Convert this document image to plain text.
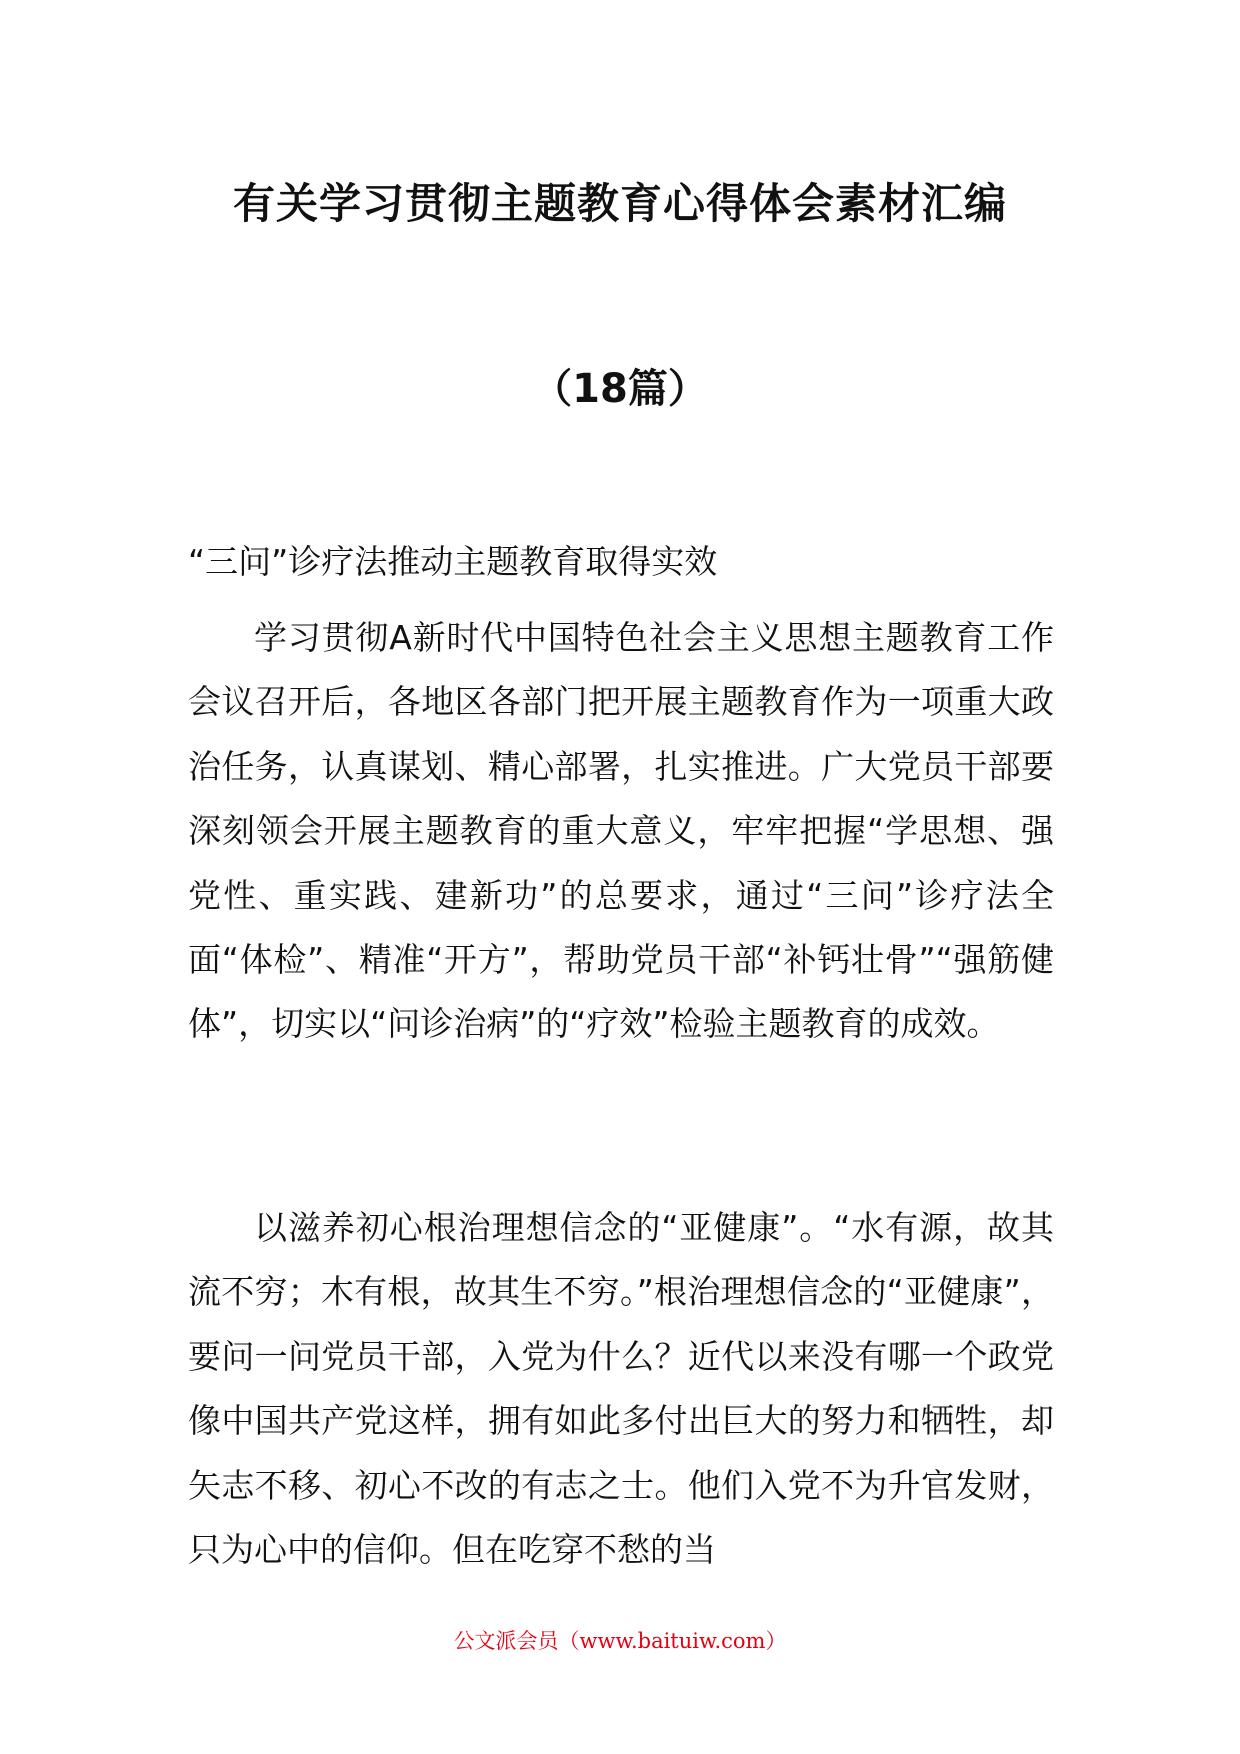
有关学习贯彻主题教育心得体会素材汇编
（18篇）
“三问”诊疗法推动主题教育取得实效

学习贯彻A新时代中国特色社会主义思想主题教育工作会议召开后，各地区各部门把开展主题教育作为一项重大政治任务，认真谋划、精心部署，扎实推进。广大党员干部要深刻领会开展主题教育的重大意义，牢牢把握“学思想、强党性、重实践、建新功”的总要求，通过“三问”诊疗法全面“体检”、精准“开方”，帮助党员干部“补钙壮骨”“强筋健体”，切实以“问诊治病”的“疗效”检验主题教育的成效。

以滋养初心根治理想信念的“亚健康”。“水有源，故其流不穷；木有根，故其生不穷。”根治理想信念的“亚健康”，要问一问党员干部，入党为什么？近代以来没有哪一个政党像中国共产党这样，拥有如此多付出巨大的努力和牺牲，却矢志不移、初心不改的有志之士。他们入党不为升官发财，只为心中的信仰。但在吃穿不愁的当

公文派会员（www.baituiw.com）
